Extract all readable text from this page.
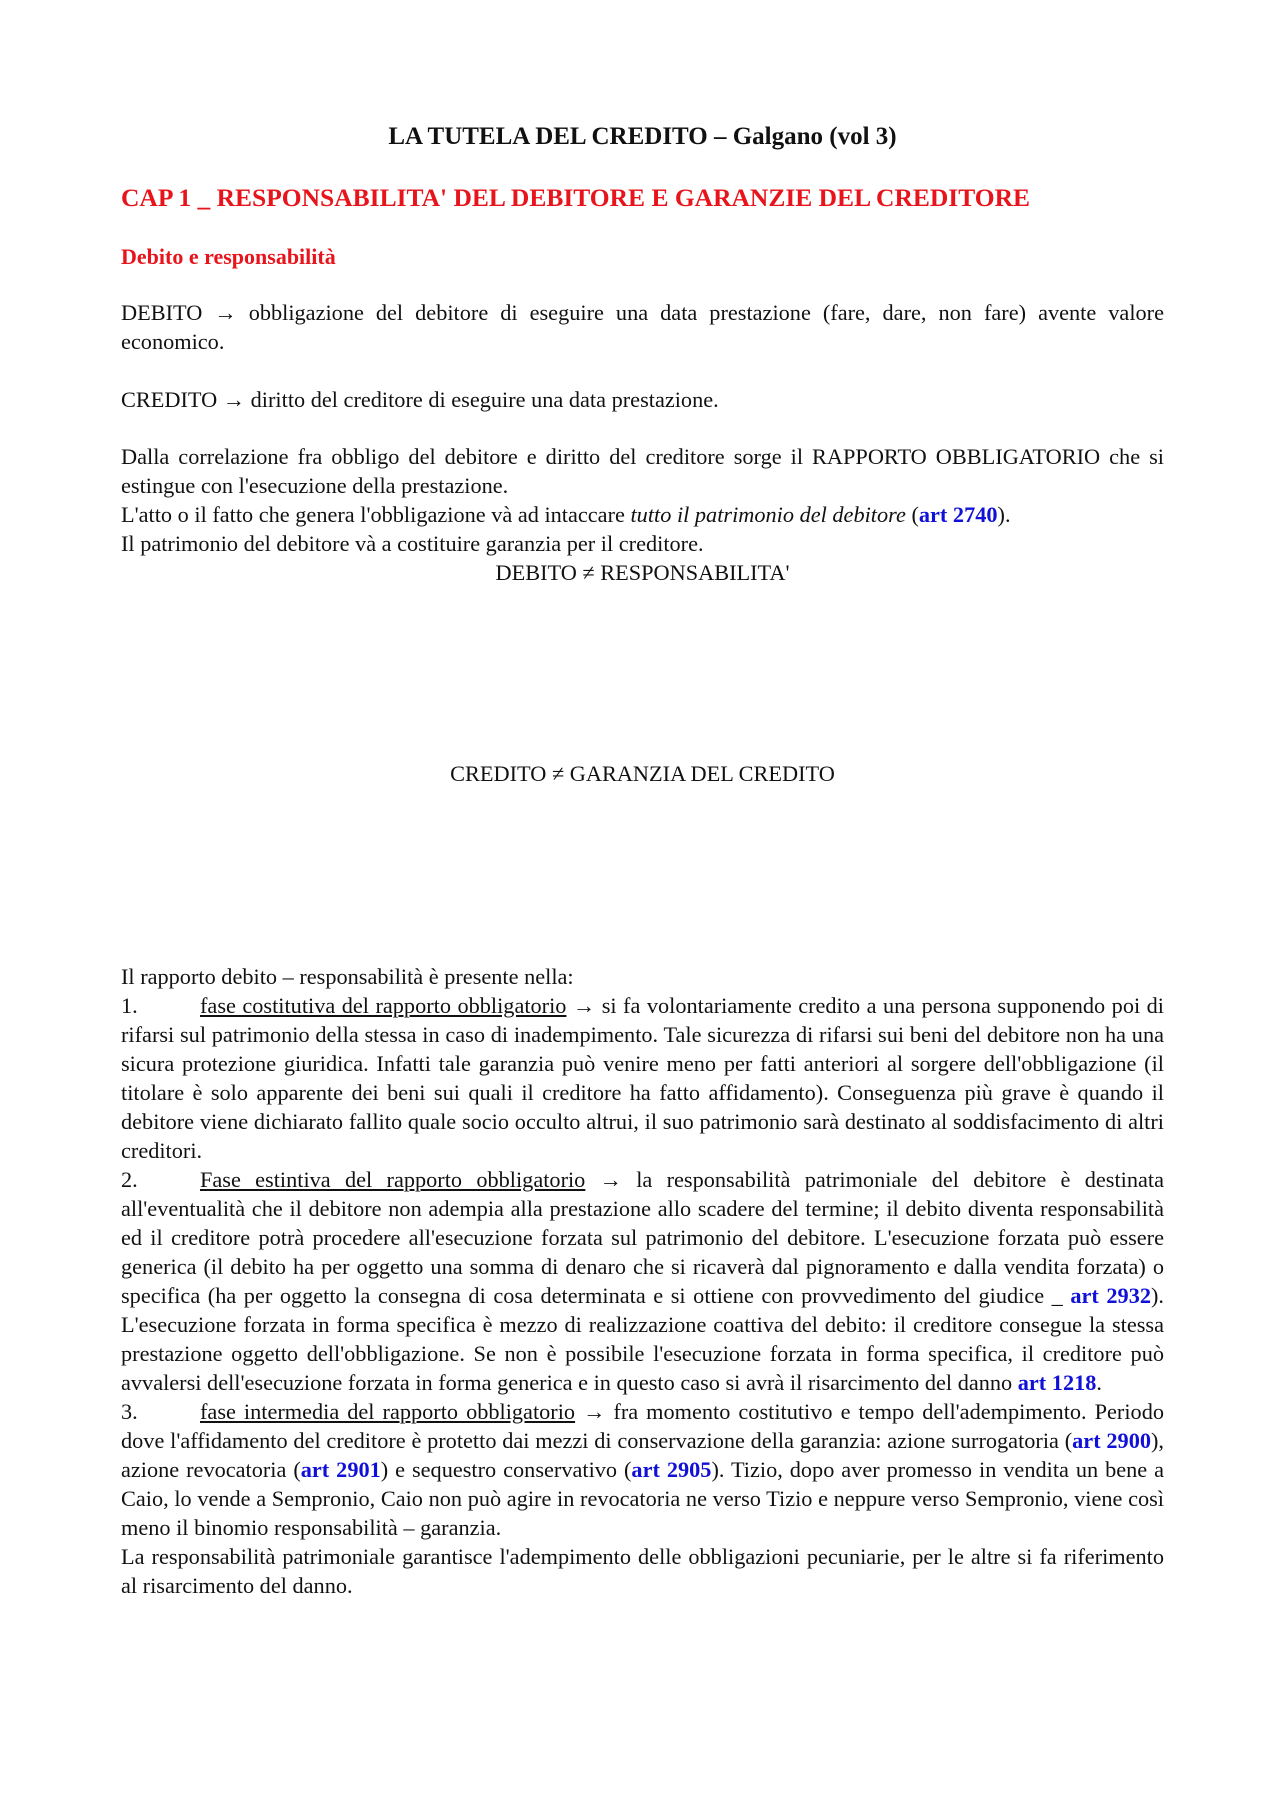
LA TUTELA DEL CREDITO – Galgano (vol 3)
CAP 1 _ RESPONSABILITA' DEL DEBITORE E GARANZIE DEL CREDITORE
Debito e responsabilità
DEBITO → obbligazione del debitore di eseguire una data prestazione (fare, dare, non fare) avente valore economico.
CREDITO → diritto del creditore di eseguire una data prestazione.
Dalla correlazione fra obbligo del debitore e diritto del creditore sorge il RAPPORTO OBBLIGATORIO che si estingue con l'esecuzione della prestazione.
L'atto o il fatto che genera l'obbligazione và ad intaccare tutto il patrimonio del debitore (art 2740).
Il patrimonio del debitore và a costituire garanzia per il creditore.
DEBITO ≠ RESPONSABILITA'
CREDITO ≠ GARANZIA DEL CREDITO
Il rapporto debito – responsabilità è presente nella:
1.	fase costitutiva del rapporto obbligatorio → si fa volontariamente credito a una persona supponendo poi di rifarsi sul patrimonio della stessa in caso di inadempimento. Tale sicurezza di rifarsi sui beni del debitore non ha una sicura protezione giuridica. Infatti tale garanzia può venire meno per fatti anteriori al sorgere dell'obbligazione (il titolare è solo apparente dei beni sui quali il creditore ha fatto affidamento). Conseguenza più grave è quando il debitore viene dichiarato fallito quale socio occulto altrui, il suo patrimonio sarà destinato al soddisfacimento di altri creditori.
2.	Fase estintiva del rapporto obbligatorio → la responsabilità patrimoniale del debitore è destinata all'eventualità che il debitore non adempia alla prestazione allo scadere del termine; il debito diventa responsabilità ed il creditore potrà procedere all'esecuzione forzata sul patrimonio del debitore. L'esecuzione forzata può essere generica (il debito ha per oggetto una somma di denaro che si ricaverà dal pignoramento e dalla vendita forzata) o specifica (ha per oggetto la consegna di cosa determinata e si ottiene con provvedimento del giudice _ art 2932). L'esecuzione forzata in forma specifica è mezzo di realizzazione coattiva del debito: il creditore consegue la stessa prestazione oggetto dell'obbligazione. Se non è possibile l'esecuzione forzata in forma specifica, il creditore può avvalersi dell'esecuzione forzata in forma generica e in questo caso si avrà il risarcimento del danno art 1218.
3.	fase intermedia del rapporto obbligatorio → fra momento costitutivo e tempo dell'adempimento. Periodo dove l'affidamento del creditore è protetto dai mezzi di conservazione della garanzia: azione surrogatoria (art 2900), azione revocatoria (art 2901) e sequestro conservativo (art 2905). Tizio, dopo aver promesso in vendita un bene a Caio, lo vende a Sempronio, Caio non può agire in revocatoria ne verso Tizio e neppure verso Sempronio, viene così meno il binomio responsabilità – garanzia.
La responsabilità patrimoniale garantisce l'adempimento delle obbligazioni pecuniarie, per le altre si fa riferimento al risarcimento del danno.
